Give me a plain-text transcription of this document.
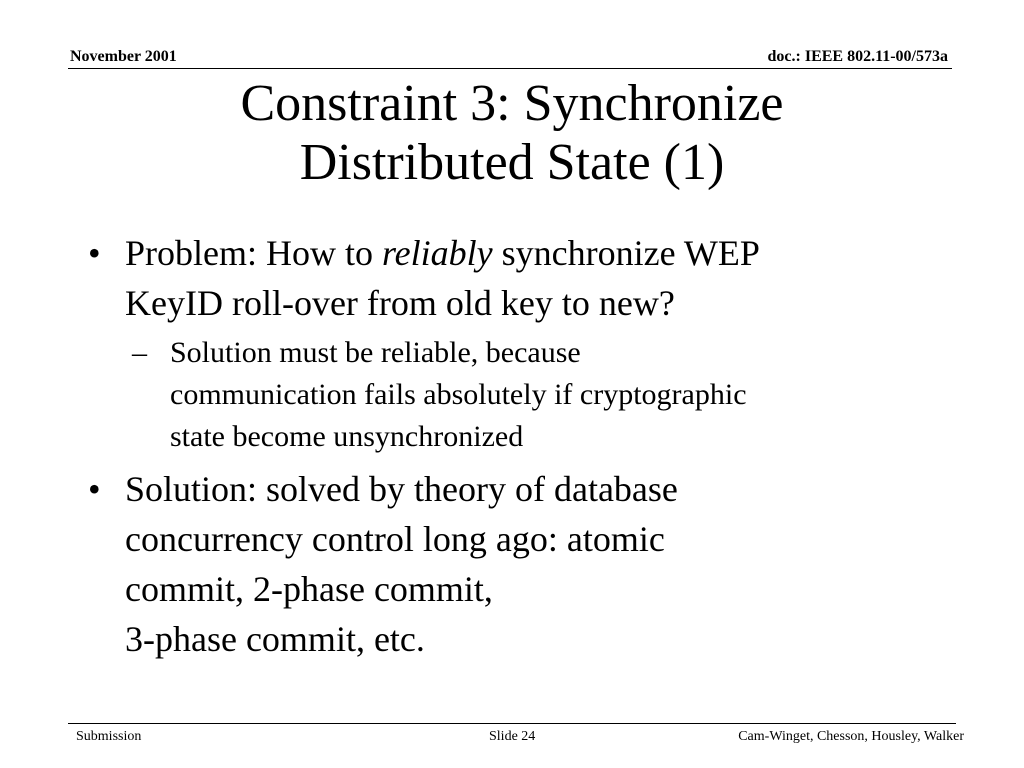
November 2001	doc.: IEEE 802.11-00/573a
Constraint 3: Synchronize
Distributed State (1)
• Problem: How to reliably synchronize WEP
KeyID roll-over from old key to new?
– Solution must be reliable, because
communication fails absolutely if cryptographic
state become unsynchronized
• Solution: solved by theory of database
concurrency control long ago: atomic
commit, 2-phase commit,
3-phase commit, etc.
Submission	Slide 24	Cam-Winget, Chesson, Housley, Walker
